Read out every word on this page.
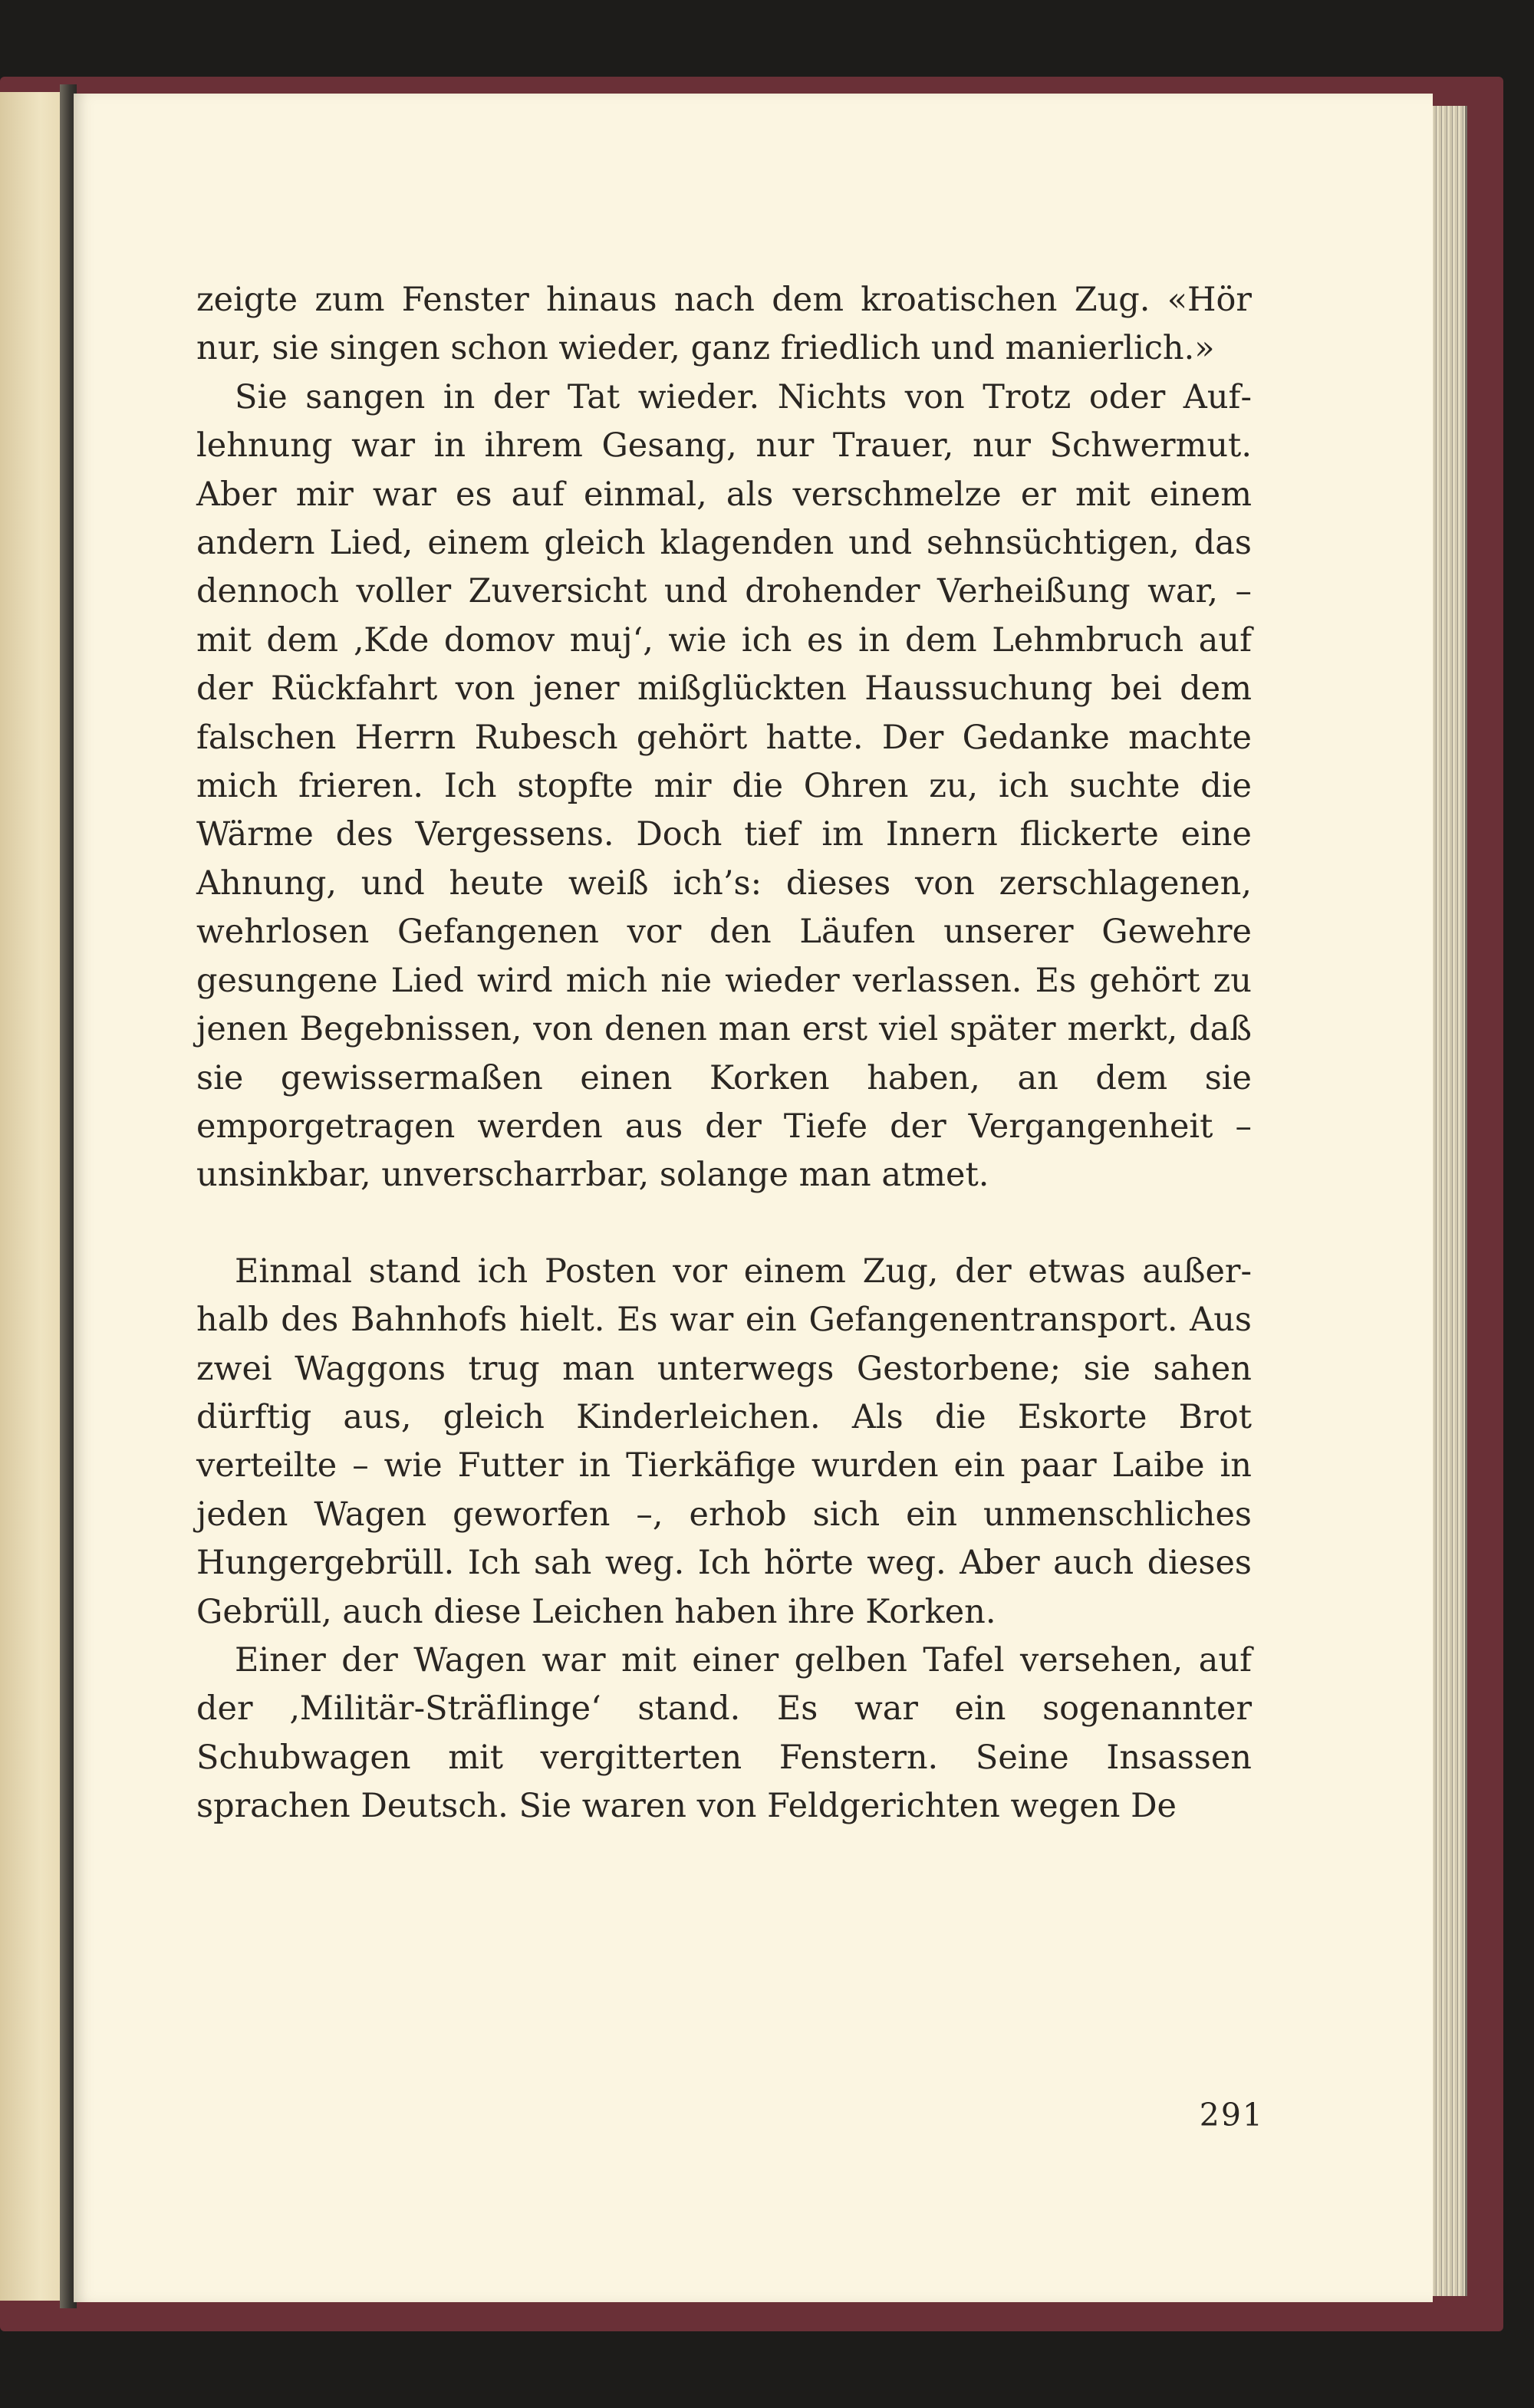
zeigte zum Fenster hinaus nach dem kroatischen Zug. «Hör nur, sie singen schon wieder, ganz friedlich und manierlich.»

Sie sangen in der Tat wieder. Nichts von Trotz oder Auflehnung war in ihrem Gesang, nur Trauer, nur Schwermut. Aber mir war es auf einmal, als verschmelze er mit einem andern Lied, einem gleich klagenden und sehnsüchtigen, das dennoch voller Zuversicht und drohender Verheißung war, – mit dem ‚Kde domov muj‘, wie ich es in dem Lehmbruch auf der Rückfahrt von jener mißglückten Haussuchung bei dem falschen Herrn Rubesch gehört hatte. Der Gedanke machte mich frieren. Ich stopfte mir die Ohren zu, ich suchte die Wärme des Vergessens. Doch tief im Innern flickerte eine Ahnung, und heute weiß ich’s: dieses von zerschlagenen, wehrlosen Gefangenen vor den Läufen unserer Gewehre gesungene Lied wird mich nie wieder verlassen. Es gehört zu jenen Begebnissen, von denen man erst viel später merkt, daß sie gewissermaßen einen Korken haben, an dem sie emporgetragen werden aus der Tiefe der Vergangenheit – unsinkbar, unverscharrbar, solange man atmet.

Einmal stand ich Posten vor einem Zug, der etwas außerhalb des Bahnhofs hielt. Es war ein Gefangenentransport. Aus zwei Waggons trug man unterwegs Gestorbene; sie sahen dürftig aus, gleich Kinderleichen. Als die Eskorte Brot verteilte – wie Futter in Tierkäfige wurden ein paar Laibe in jeden Wagen geworfen –, erhob sich ein unmenschliches Hungergebrüll. Ich sah weg. Ich hörte weg. Aber auch dieses Gebrüll, auch diese Leichen haben ihre Korken.

Einer der Wagen war mit einer gelben Tafel versehen, auf der ‚Militär-Sträflinge‘ stand. Es war ein sogenannter Schubwagen mit vergitterten Fenstern. Seine Insassen sprachen Deutsch. Sie waren von Feldgerichten wegen De

291
